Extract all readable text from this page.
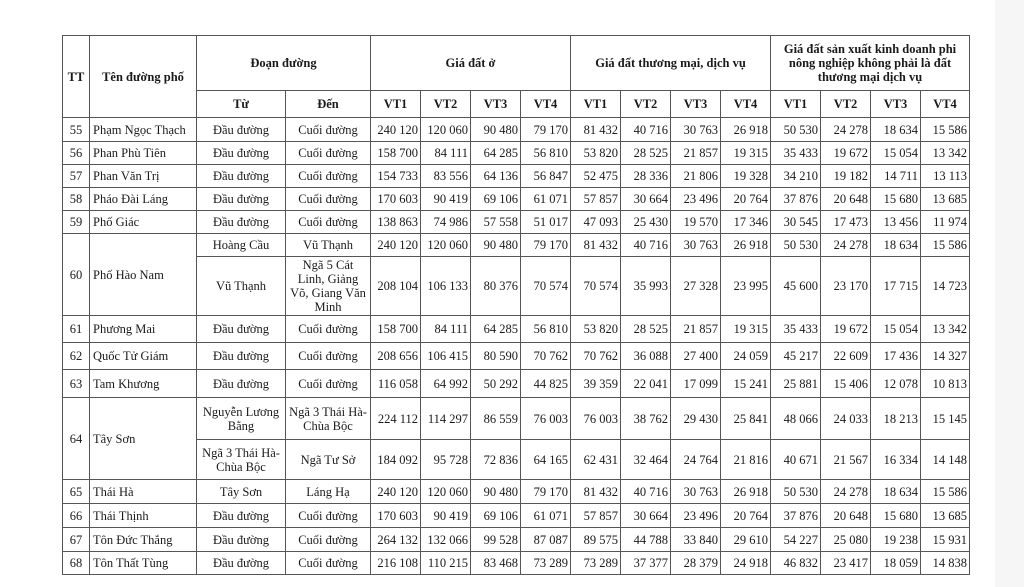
TT	Tên đường phố	Đoạn đường		Giá đất ở				Giá đất thương mại, dịch vụ				Giá đất sản xuất kinh doanh phi nông nghiệp không phải là đất thương mại dịch vụ			
		Từ	Đến	VT1	VT2	VT3	VT4	VT1	VT2	VT3	VT4	VT1	VT2	VT3	VT4
55	Phạm Ngọc Thạch	Đầu đường	Cuối đường	240 120	120 060	90 480	79 170	81 432	40 716	30 763	26 918	50 530	24 278	18 634	15 586
56	Phan Phù Tiên	Đầu đường	Cuối đường	158 700	84 111	64 285	56 810	53 820	28 525	21 857	19 315	35 433	19 672	15 054	13 342
57	Phan Văn Trị	Đầu đường	Cuối đường	154 733	83 556	64 136	56 847	52 475	28 336	21 806	19 328	34 210	19 182	14 711	13 113
58	Pháo Đài Láng	Đầu đường	Cuối đường	170 603	90 419	69 106	61 071	57 857	30 664	23 496	20 764	37 876	20 648	15 680	13 685
59	Phố Giác	Đầu đường	Cuối đường	138 863	74 986	57 558	51 017	47 093	25 430	19 570	17 346	30 545	17 473	13 456	11 974
60	Phố Hào Nam	Hoàng Cầu	Vũ Thạnh	240 120	120 060	90 480	79 170	81 432	40 716	30 763	26 918	50 530	24 278	18 634	15 586
		Vũ Thạnh	Ngã 5 Cát Linh, Giảng Võ, Giang Văn Minh	208 104	106 133	80 376	70 574	70 574	35 993	27 328	23 995	45 600	23 170	17 715	14 723
61	Phương Mai	Đầu đường	Cuối đường	158 700	84 111	64 285	56 810	53 820	28 525	21 857	19 315	35 433	19 672	15 054	13 342
62	Quốc Tử Giám	Đầu đường	Cuối đường	208 656	106 415	80 590	70 762	70 762	36 088	27 400	24 059	45 217	22 609	17 436	14 327
63	Tam Khương	Đầu đường	Cuối đường	116 058	64 992	50 292	44 825	39 359	22 041	17 099	15 241	25 881	15 406	12 078	10 813
64	Tây Sơn	Nguyễn Lương Bằng	Ngã 3 Thái Hà-Chùa Bộc	224 112	114 297	86 559	76 003	76 003	38 762	29 430	25 841	48 066	24 033	18 213	15 145
		Ngã 3 Thái Hà-Chùa Bộc	Ngã Tư Sở	184 092	95 728	72 836	64 165	62 431	32 464	24 764	21 816	40 671	21 567	16 334	14 148
65	Thái Hà	Tây Sơn	Láng Hạ	240 120	120 060	90 480	79 170	81 432	40 716	30 763	26 918	50 530	24 278	18 634	15 586
66	Thái Thịnh	Đầu đường	Cuối đường	170 603	90 419	69 106	61 071	57 857	30 664	23 496	20 764	37 876	20 648	15 680	13 685
67	Tôn Đức Thắng	Đầu đường	Cuối đường	264 132	132 066	99 528	87 087	89 575	44 788	33 840	29 610	54 227	25 080	19 238	15 931
68	Tôn Thất Tùng	Đầu đường	Cuối đường	216 108	110 215	83 468	73 289	73 289	37 377	28 379	24 918	46 832	23 417	18 059	14 838
